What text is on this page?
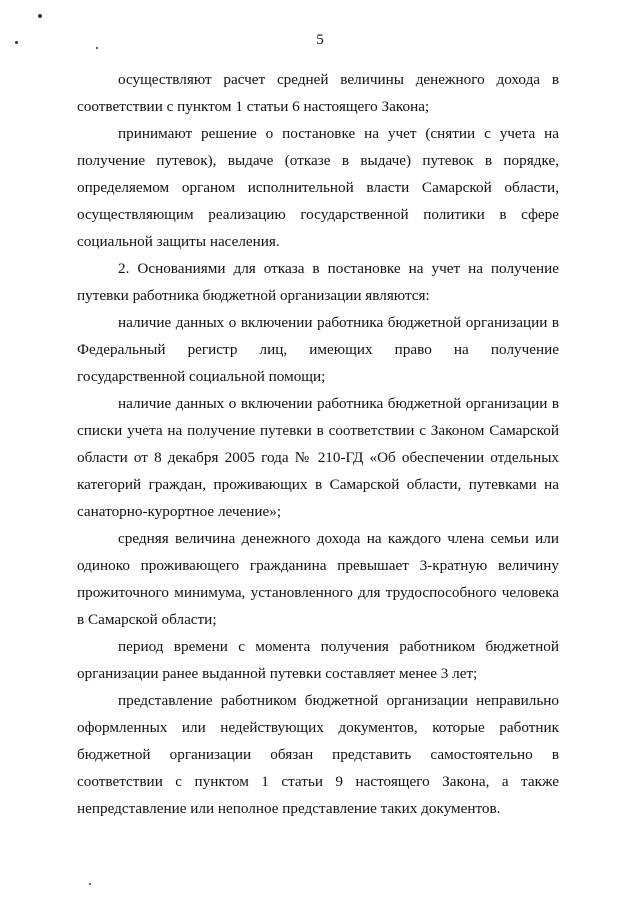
5

осуществляют расчет средней величины денежного дохода в соответствии с пунктом 1 статьи 6 настоящего Закона;

принимают решение о постановке на учет (снятии с учета на получение путевок), выдаче (отказе в выдаче) путевок в порядке, определяемом органом исполнительной власти Самарской области, осуществляющим реализацию государственной политики в сфере социальной защиты населения.

2. Основаниями для отказа в постановке на учет на получение путевки работника бюджетной организации являются:

наличие данных о включении работника бюджетной организации в Федеральный регистр лиц, имеющих право на получение государственной социальной помощи;

наличие данных о включении работника бюджетной организации в списки учета на получение путевки в соответствии с Законом Самарской области от 8 декабря 2005 года № 210-ГД «Об обеспечении отдельных категорий граждан, проживающих в Самарской области, путевками на санаторно-курортное лечение»;

средняя величина денежного дохода на каждого члена семьи или одиноко проживающего гражданина превышает 3-кратную величину прожиточного минимума, установленного для трудоспособного человека в Самарской области;

период времени с момента получения работником бюджетной организации ранее выданной путевки составляет менее 3 лет;

представление работником бюджетной организации неправильно оформленных или недействующих документов, которые работник бюджетной организации обязан представить самостоятельно в соответствии с пунктом 1 статьи 9 настоящего Закона, а также непредставление или неполное представление таких документов.
